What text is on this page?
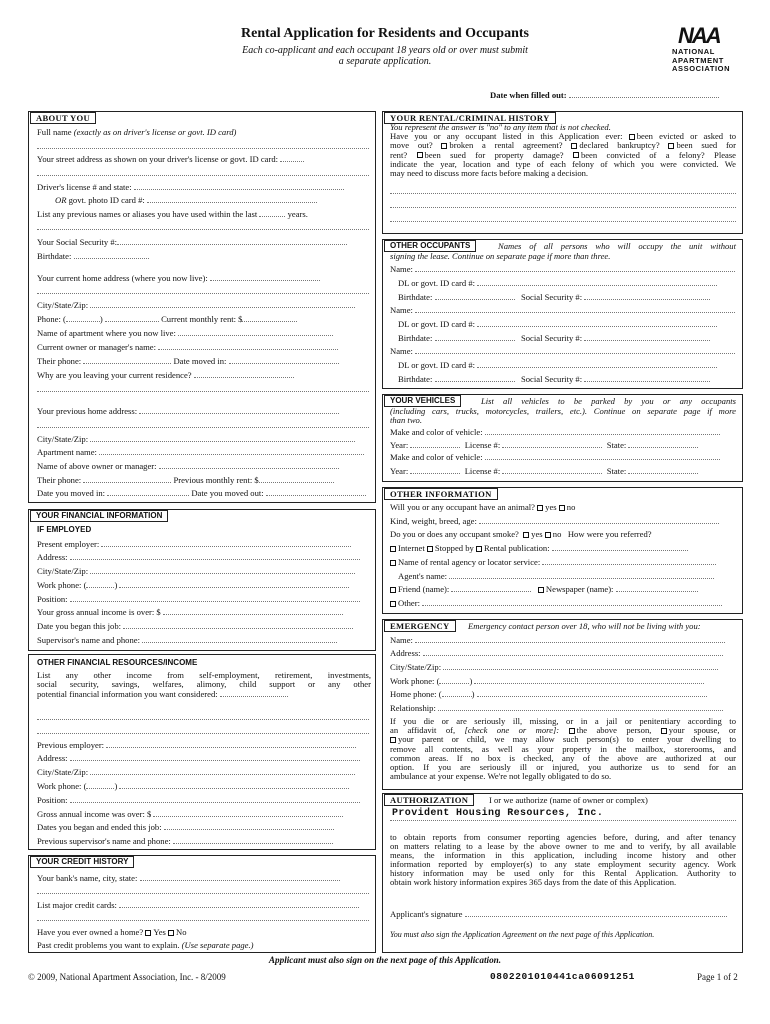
Rental Application for Residents and Occupants
Each co-applicant and each occupant 18 years old or over must submit
a separate application.
NAA
NATIONAL
APARTMENT
ASSOCIATION
Date when filled out:
ABOUT YOU
Full name (exactly as on driver's license or govt. ID card)
Your street address as shown on your driver's license or govt. ID card:
Driver's license # and state:
OR govt. photo ID card #:
List any previous names or aliases you have used within the last	years.
Your Social Security #:
Birthdate:
Your current home address (where you now live):
City/State/Zip:
Phone: (	)	Current monthly rent: $
Name of apartment where you now live:
Current owner or manager's name:
Their phone:	Date moved in:
Why are you leaving your current residence?
Your previous home address:
City/State/Zip:
Apartment name:
Name of above owner or manager:
Their phone:	Previous monthly rent: $
Date you moved in:	Date you moved out:
YOUR FINANCIAL INFORMATION
IF EMPLOYED
Present employer:
Address:
City/State/Zip:
Work phone: (	)
Position:
Your gross annual income is over: $
Date you began this job:
Supervisor's name and phone:
OTHER FINANCIAL RESOURCES/INCOME
List any other income from self-employment, retirement, investments,
social security, savings, welfares, alimony, child support or any other
potential financial information you want considered:
Previous employer:
Address:
City/State/Zip:
Work phone: (	)
Position:
Gross annual income was over: $
Dates you began and ended this job:
Previous supervisor's name and phone:
YOUR CREDIT HISTORY
Your bank's name, city, state:
List major credit cards:
Have you ever owned a home? Yes No
Past credit problems you want to explain. (Use separate page.)
YOUR RENTAL/CRIMINAL HISTORY
You represent the answer is "no" to any item that is not checked.
Have you or any occupant listed in this Application ever: been evicted or asked to
move out? broken a rental agreement? declared bankruptcy? been sued for
rent? been sued for property damage? been convicted of a felony? Please
indicate the year, location and type of each felony of which you were convicted. We
may need to discuss more facts before making a decision.
OTHER OCCUPANTS	Names of all persons who will occupy the unit without
signing the lease. Continue on separate page if more than three.
Name:
DL or govt. ID card #:
Birthdate:	Social Security #:
Name:
DL or govt. ID card #:
Birthdate:	Social Security #:
Name:
DL or govt. ID card #:
Birthdate:	Social Security #:
YOUR VEHICLES	List all vehicles to be parked by you or any occupants
(including cars, trucks, motorcycles, trailers, etc.). Continue on separate page if more
than two.
Make and color of vehicle:
Year:	License #:	State:
Make and color of vehicle:
Year:	License #:	State:
OTHER INFORMATION
Will you or any occupant have an animal? yes no
Kind, weight, breed, age:
Do you or does any occupant smoke? yes no How were you referred?
Internet Stopped by Rental publication:
Name of rental agency or locator service:
Agent's name:
Friend (name):	Newspaper (name):
Other:
EMERGENCY	Emergency contact person over 18, who will not be living with you:
Name:
Address:
City/State/Zip:
Work phone: (	)
Home phone: (	)
Relationship:
If you die or are seriously ill, missing, or in a jail or penitentiary according to
an affidavit of, [check one or more]: the above person, your spouse, or
your parent or child, we may allow such person(s) to enter your dwelling to
remove all contents, as well as your property in the mailbox, storerooms, and
common areas. If no box is checked, any of the above are authorized at our
option. If you are seriously ill or injured, you authorize us to send for an
ambulance at your expense. We're not legally obligated to do so.
AUTHORIZATION	I or we authorize (name of owner or complex)
Provident Housing Resources, Inc.
to obtain reports from consumer reporting agencies before, during, and after tenancy
on matters relating to a lease by the above owner to me and to verify, by all available
means, the information in this application, including income history and other
information reported by employer(s) to any state employment security agency. Work
history information may be used only for this Rental Application. Authority to
obtain work history information expires 365 days from the date of this Application.
Applicant's signature
You must also sign the Application Agreement on the next page of this Application.
Applicant must also sign on the next page of this Application.
© 2009, National Apartment Association, Inc. - 8/2009	0802201010441ca06091251	Page 1 of 2
